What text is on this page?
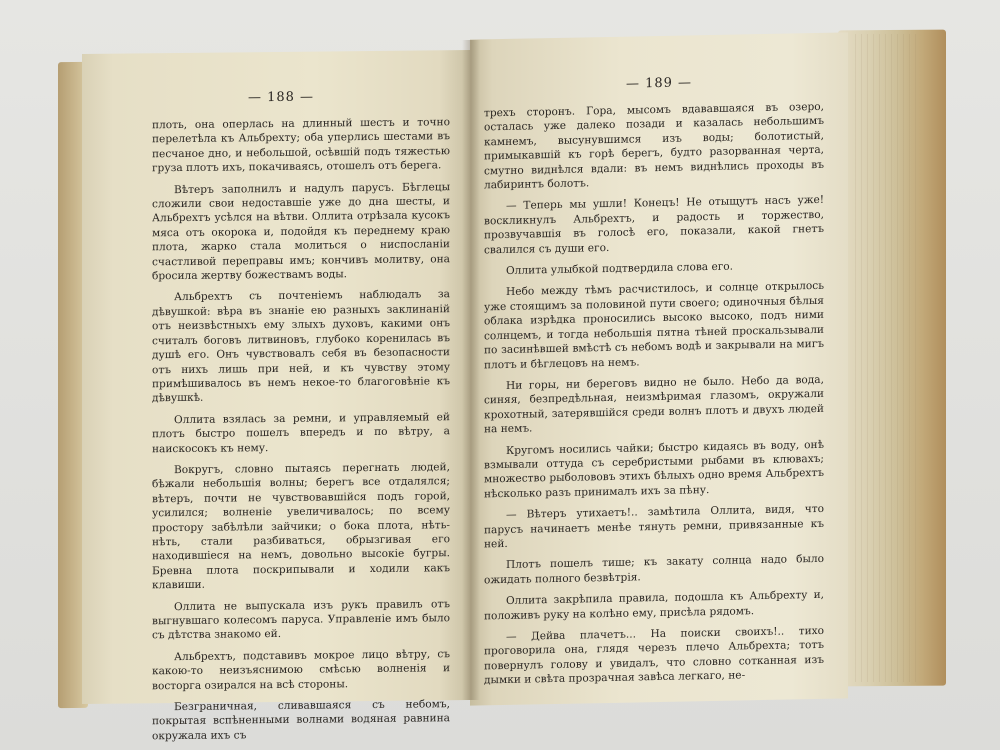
— 188 —

плоть, она оперлась на длинный шестъ и точно перелетѣла къ Альбрехту; оба уперлись шестами въ песчаное дно, и небольшой, осѣвшій подъ тяжестью груза плотъ ихъ, покачиваясь, отошелъ отъ берега.

Вѣтеръ заполнилъ и надулъ парусъ. Бѣглецы сложили свои недоставшіе уже до дна шесты, и Альбрехтъ усѣлся на вѣтви. Оллита отрѣзала кусокъ мяса отъ окорока и, подойдя къ переднему краю плота, жарко стала молиться о ниспосланіи счастливой переправы имъ; кончивъ молитву, она бросила жертву божествамъ воды.

Альбрехтъ съ почтеніемъ наблюдалъ за дѣвушкой: вѣра въ знаніе ею разныхъ заклинаній отъ неизвѣстныхъ ему злыхъ духовъ, какими онъ считалъ боговъ литвиновъ, глубоко коренилась въ душѣ его. Онъ чувствовалъ себя въ безопасности отъ нихъ лишь при ней, и къ чувству этому примѣшивалось въ немъ некое-то благоговѣніе къ дѣвушкѣ.

Оллита взялась за ремни, и управляемый ей плотъ быстро пошелъ впередъ и по вѣтру, а наискосокъ къ нему.

Вокругъ, словно пытаясь перегнать людей, бѣжали небольшія волны; берегъ все отдалялся; вѣтеръ, почти не чувствовавшійся подъ горой, усилился; волненіе увеличивалось; по всему простору забѣлѣли зайчики; о бока плота, нѣть-нѣть, стали разбиваться, обрызгивая его находившіеся на немъ, довольно высокіе бугры. Бревна плота поскрипывали и ходили какъ клавиши.

Оллита не выпускала изъ рукъ правилъ отъ выгнувшаго колесомъ паруса. Управленіе имъ было съ дѣтства знакомо ей.

Альбрехтъ, подставивъ мокрое лицо вѣтру, съ какою-то неизъяснимою смѣсью волненія и восторга озирался на всѣ стороны.

Безграничная, сливавшаяся съ небомъ, покрытая вспѣненными волнами водяная равнина окружала ихъ съ

— 189 —

трехъ сторонъ. Гора, мысомъ вдававшаяся въ озеро, осталась уже далеко позади и казалась небольшимъ камнемъ, высунувшимся изъ воды; болотистый, примыкавшій къ горѣ берегъ, будто разорванная черта, смутно виднѣлся вдали: въ немъ виднѣлись проходы въ лабиринтъ болотъ.

— Теперь мы ушли! Конецъ! Не отыщутъ насъ уже! воскликнулъ Альбрехтъ, и радость и торжество, прозвучавшія въ голосѣ его, показали, какой гнетъ свалился съ души его.

Оллита улыбкой подтвердила слова его.

Небо между тѣмъ расчистилось, и солнце открылось уже стоящимъ за половиной пути своего; одиночныя бѣлыя облака изрѣдка проносились высоко высоко, подъ ними солнцемъ, и тогда небольшія пятна тѣней проскальзывали по засинѣвшей вмѣстѣ съ небомъ водѣ и закрывали на мигъ плотъ и бѣглецовъ на немъ.

Ни горы, ни береговъ видно не было. Небо да вода, синяя, безпредѣльная, неизмѣримая глазомъ, окружали крохотный, затерявшійся среди волнъ плотъ и двухъ людей на немъ.

Кругомъ носились чайки; быстро кидаясь въ воду, онѣ взмывали оттуда съ серебристыми рыбами въ клювахъ; множество рыболововъ этихъ бѣлыхъ одно время Альбрехтъ нѣсколько разъ принималъ ихъ за пѣну.

— Вѣтеръ утихаетъ!.. замѣтила Оллита, видя, что парусъ начинаетъ менѣе тянуть ремни, привязанные къ ней.

Плотъ пошелъ тише; къ закату солнца надо было ожидать полного безвѣтрія.

Оллита закрѣпила правила, подошла къ Альбрехту и, положивъ руку на колѣно ему, присѣла рядомъ.

— Дейва плачетъ... На поиски своихъ!.. тихо проговорила она, глядя черезъ плечо Альбрехта; тотъ повернулъ голову и увидалъ, что словно сотканная изъ дымки и свѣта прозрачная завѣса легкаго, не-
